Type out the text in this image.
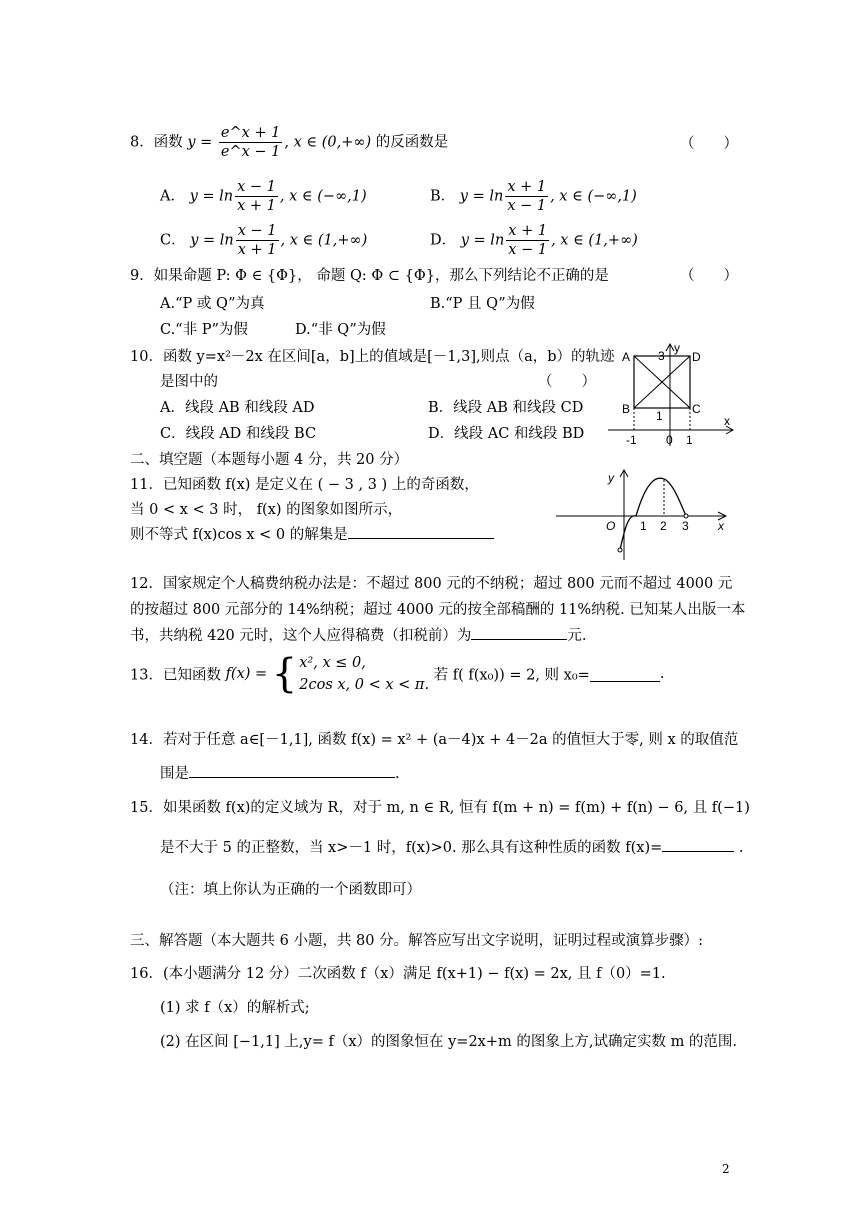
8．函数 $y = \frac{e\^{}x + 1}{e\^{}x - 1}$ , x ∈ (0,+∞) 的反函数是	（　　）
A． $y = \ln \frac{x - 1}{x + 1}$ , x ∈ (−∞,1)	B． $y = \ln \frac{x + 1}{x - 1}$ , x ∈ (−∞,1)
C． $y = \ln \frac{x - 1}{x + 1}$ , x ∈ (1,+∞)	D． $y = \ln \frac{x + 1}{x - 1}$ , x ∈ (1,+∞)
9．如果命题 P: Φ ∈ {Φ}， 命题 Q: Φ ⊂ {Φ}，那么下列结论不正确的是	（　　）
A.“P 或 Q”为真	B.“P 且 Q”为假
C.“非 P”为假	D.“非 Q”为假
10．函数 y=x²－2x 在区间[a，b]上的值域是[－1,3],则点（a，b）的轨迹
是图中的	（　　）
A．线段 AB 和线段 AD	B．线段 AB 和线段 CD
C．线段 AD 和线段 BC	D．线段 AC 和线段 BD
A
B	C
D
y
x
3
1
-1 0 1
二、填空题（本题每小题 4 分，共 20 分）
11．已知函数 f(x) 是定义在 ( − 3 , 3 ) 上的奇函数，
当 0 < x < 3 时， f(x) 的图象如图所示，
则不等式 f(x)cos x < 0 的解集是
y
O	x
1 2 3
12．国家规定个人稿费纳税办法是：不超过 800 元的不纳税；超过 800 元而不超过 4000 元
的按超过 800 元部分的 14%纳税；超过 4000 元的按全部稿酬的 11%纳税. 已知某人出版一本
书，共纳税 420 元时，这个人应得稿费（扣税前）为	元.
13．已知函数 f(x) = { x², x ≤ 0,
2cos x, 0 < x < π.
若 f( f(x₀)) = 2, 则 x₀=	.
14．若对于任意 a∈[－1,1], 函数 f(x) = x² + (a－4)x + 4－2a 的值恒大于零, 则 x 的取值范
围是	.
15．如果函数 f(x)的定义域为 R，对于 m, n ∈ R, 恒有 f(m + n) = f(m) + f(n) − 6, 且 f(−1)
是不大于 5 的正整数，当 x>－1 时，f(x)>0. 那么具有这种性质的函数 f(x)=	.
（注：填上你认为正确的一个函数即可）
三、解答题（本大题共 6 小题，共 80 分。解答应写出文字说明，证明过程或演算步骤）:
16．(本小题满分 12 分）二次函数 f（x）满足 f(x+1) − f(x) = 2x, 且 f（0）=1.
(1) 求 f（x）的解析式;
(2) 在区间 [−1,1] 上,y= f（x）的图象恒在 y=2x+m 的图象上方,试确定实数 m 的范围.
2
